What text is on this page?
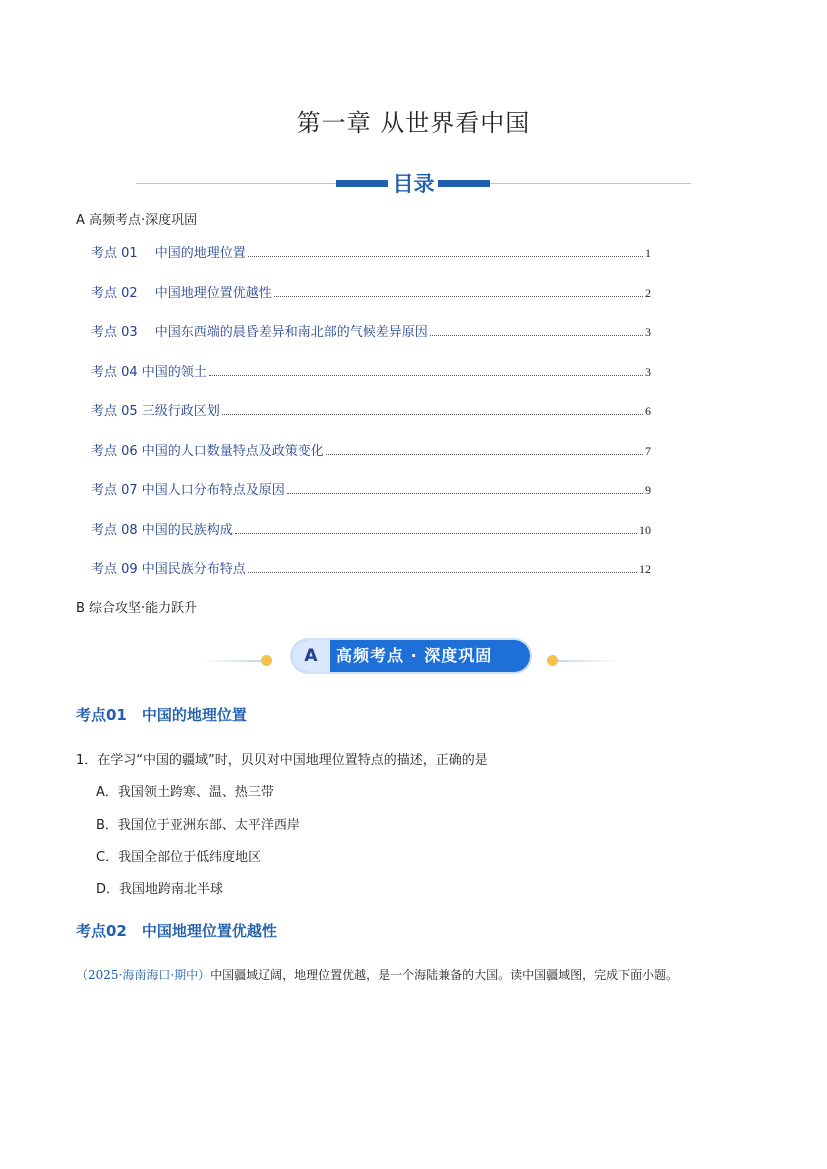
第一章 从世界看中国
目录
A 高频考点·深度巩固
考点 01　 中国的地理位置	1
考点 02　 中国地理位置优越性	2
考点 03　 中国东西端的晨昏差异和南北部的气候差异原因	3
考点 04 中国的领土	3
考点 05 三级行政区划	6
考点 06 中国的人口数量特点及政策变化	7
考点 07 中国人口分布特点及原因	9
考点 08 中国的民族构成	10
考点 09 中国民族分布特点	12
B 综合攻坚·能力跃升
A	高频考点 · 深度巩固
考点01　中国的地理位置
1．在学习“中国的疆域”时，贝贝对中国地理位置特点的描述，正确的是
A．我国领土跨寒、温、热三带
B．我国位于亚洲东部、太平洋西岸
C．我国全部位于低纬度地区
D．我国地跨南北半球
考点02　中国地理位置优越性
（2025·海南海口·期中）中国疆域辽阔，地理位置优越，是一个海陆兼备的大国。读中国疆域图，完成下面小题。
